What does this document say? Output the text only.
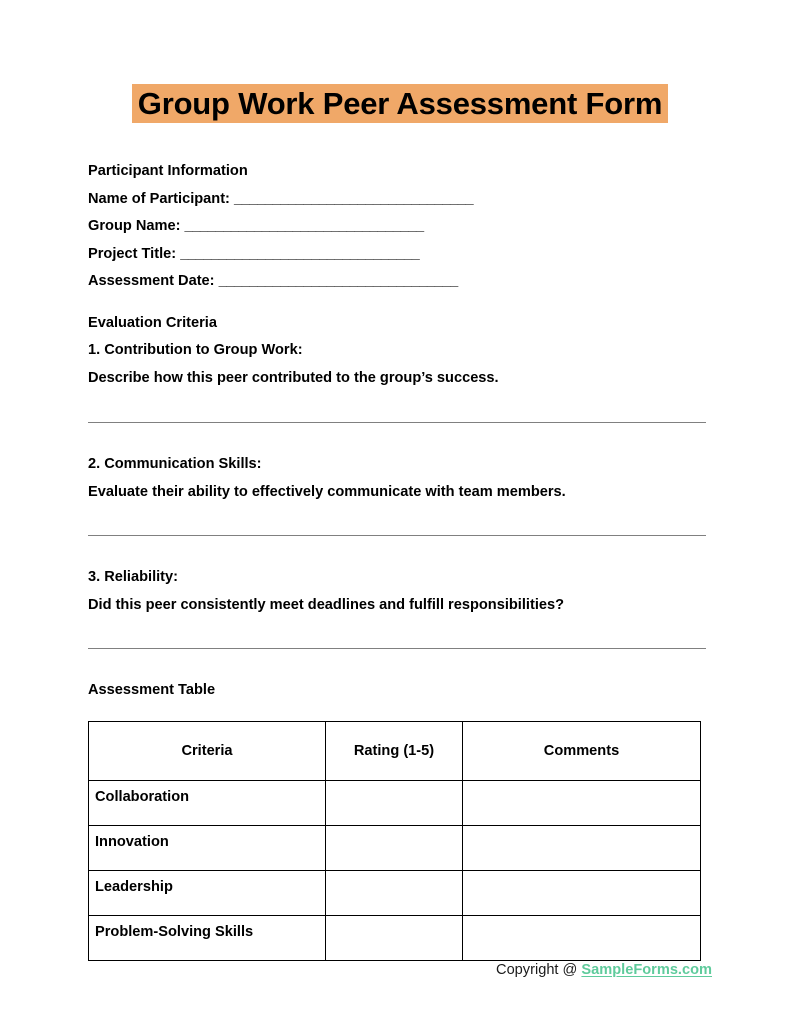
Group Work Peer Assessment Form

Participant Information

Name of Participant: _______________________________

Group Name: _______________________________

Project Title: _______________________________

Assessment Date: _______________________________

Evaluation Criteria

1. Contribution to Group Work:

Describe how this peer contributed to the group’s success.

2. Communication Skills:

Evaluate their ability to effectively communicate with team members.

3. Reliability:

Did this peer consistently meet deadlines and fulfill responsibilities?

Assessment Table

Criteria	Rating (1-5)	Comments
Collaboration		
Innovation		
Leadership		
Problem-Solving Skills		
Copyright @ SampleForms.com
